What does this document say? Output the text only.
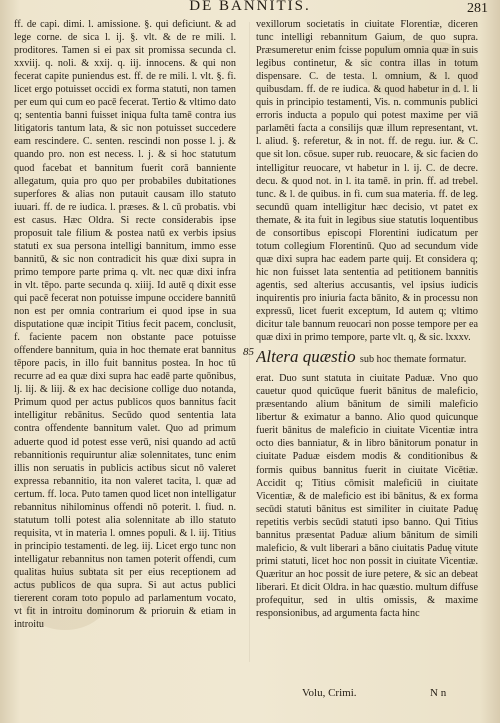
DE BANNITIS.	281

ff. de capi. dimi. l. amissione. §. qui deficiunt. & ad lege corne. de sica l. ij. §. vlt. & de re mili. l. proditores. Tamen si ei pax sit promissa secunda cl. xxviij. q. noli. & xxij. q. iij. innocens. & qui non fecerat capite puniendus est. ff. de re mili. l. vlt. §. fi. licet ergo potuisset occidi ex forma statuti, non tamen per eum qui cum eo pacē fecerat. Tertio & vltimo dato q; sententia banni fuisset iniqua fulta tamē contra ius litigatoris tantum lata, & sic non potuisset succedere eam rescindere. C. senten. rescindi non posse l. j. & quando pro. non est necess. l. j. & si hoc statutum quod facebat et bannitum fuerit corā banniente allegatum, quia pro quo per probabiles dubitationes superfores & alias non putauit causam illo statuto iuuari. ff. de re iudica. l. præses. & l. cū probatis. vbi est casus. Hæc Oldra. Si recte considerabis ipse proposuit tale filium & postea natū ex verbis ipsius statuti ex sua persona intelligi bannitum, immo esse bannitū, & sic non contradicit his quæ dixi supra in primo tempore parte prima q. vlt. nec quæ dixi infra in vlt. tēpo. parte secunda q. xiiij. Id autē q dixit esse qui pacē fecerat non potuisse impune occidere bannitū non est per omnia contrarium ei quod ipse in sua disputatione quæ incipit Titius fecit pacem, conclusit, f. faciente pacem non obstante pace potuisse offendere bannitum, quia in hoc themate erat bannitus tēpore pacis, in illo fuit bannitus postea. In hoc tū recurre ad ea quæ dixi supra hac eadē parte quōnibus, lj. lij. & liij. & ex hac decisione collige duo notanda, Primum quod per actus publicos quos bannitus facit intelligitur rebānitus. Secūdo quod sententia lata contra offendente bannitum valet. Quo ad primum aduerte quod id potest esse verū, nisi quando ad actū rebannitionis requiruntur aliæ solennitates, tunc enim illis non seruatis in publicis actibus sicut nō valeret expressa rebannitio, ita non valeret tacita, l. quæ ad certum. ff. loca. Puto tamen quod licet non intelligatur rebannitus nihilominus offendi nō poterit. l. fiud. n. statutum tolli potest alia solennitate ab illo statuto requisita, vt in materia l. omnes populi. & l. iij. Titius in principio testamenti. de leg. iij. Licet ergo tunc non intelligatur rebannitus non tamen poterit offendi, cum qualitas huius subtata sit per eius receptionem ad actus publicos de qua supra. Si aut actus publici tiererent coram toto populo ad parlamentum vocato, vt fit in introitu dominorum & prioruin & etiam in introitu

vexillorum societatis in ciuitate Florentiæ, diceren tunc intelligi rebannitum Gaium, de quo supra. Præsumeretur enim fcisse populum omnia quæ in suis legibus continetur, & sic contra illas in totum dispensare. C. de testa. l. omnium, & l. quod quibusdam. ff. de re iudica. & quod habetur in d. l. li quis in principio testamenti, Vis. n. communis publici erroris inducta a populo qui potest maxime per viā parlamēti facta a consilijs quæ illum representant, vt. l. aliud. §. referetur, & in not. ff. de regu. iur. & C. que sit lon. cōsue. super rub. reuocare, & sic facien do intelligitur reuocare, vt habetur in l. ij. C. de decre. decu. & quod not. in l. ita tamē. in prin. ff. ad trebel. tunc. & l. de quibus. in fi. cum sua materia. ff. de leg. secundū quam intelligitur hæc decisio, vt patet ex themate, & ita fuit in legibus siue statutis loquentibus de consortibus episcopi Florentini iudicatum per totum collegium Florentinū. Quo ad secundum vide quæ dixi supra hac eadem parte quij. Et considera q; hic non fuisset lata sententia ad petitionem bannitis agentis, sed alterius accusantis, vel ipsius iudicis inquirentis pro iniuria facta bānito, & in processu non expressū, licet fuerit exceptum, Id autem q; vltimo dicitur tale bannum reuocari non posse tempore per ea quæ dixi in primo tempore, parte vlt. q, & sic. lxxxv.

Altera quæstio sub hoc themate formatur.

erat. Duo sunt statuta in ciuitate Paduæ. Vno quo cauetur quod quicūque fuerit bānitus de maleficio, præsentando alium bānitum de simili maleficio libertur & eximatur a banno. Alio quod quicunque fuerit bānitus de maleficio in ciuitate Vicentiæ intra octo dies banniatur, & in libro bānitorum ponatur in ciuitate Paduæ eisdem modis & conditionibus & formis quibus bannitus fuerit in ciuitate Vicētiæ. Accidit q; Titius cōmisit maleficiū in ciuitate Vicentiæ, & de maleficio est ibi bānitus, & ex forma secūdi statuti bānitus est similiter in ciuitate Paduę repetitis verbis secūdi statuti ipso banno. Qui Titius bannitus præsentat Paduæ alium bānitum de simili maleficio, & vult liberari a bāno ciuitatis Paduę vitute primi statuti, licet hoc non possit in ciuitate Vicentiæ. Quæritur an hoc possit de iure petere, & sic an debeat liberari. Et dicit Oldra. in hac quæstio. multum diffuse profequitur, sed in ultis omissis, & maxime responsionibus, ad argumenta facta hinc

85
Volu, Crimi.	N n
